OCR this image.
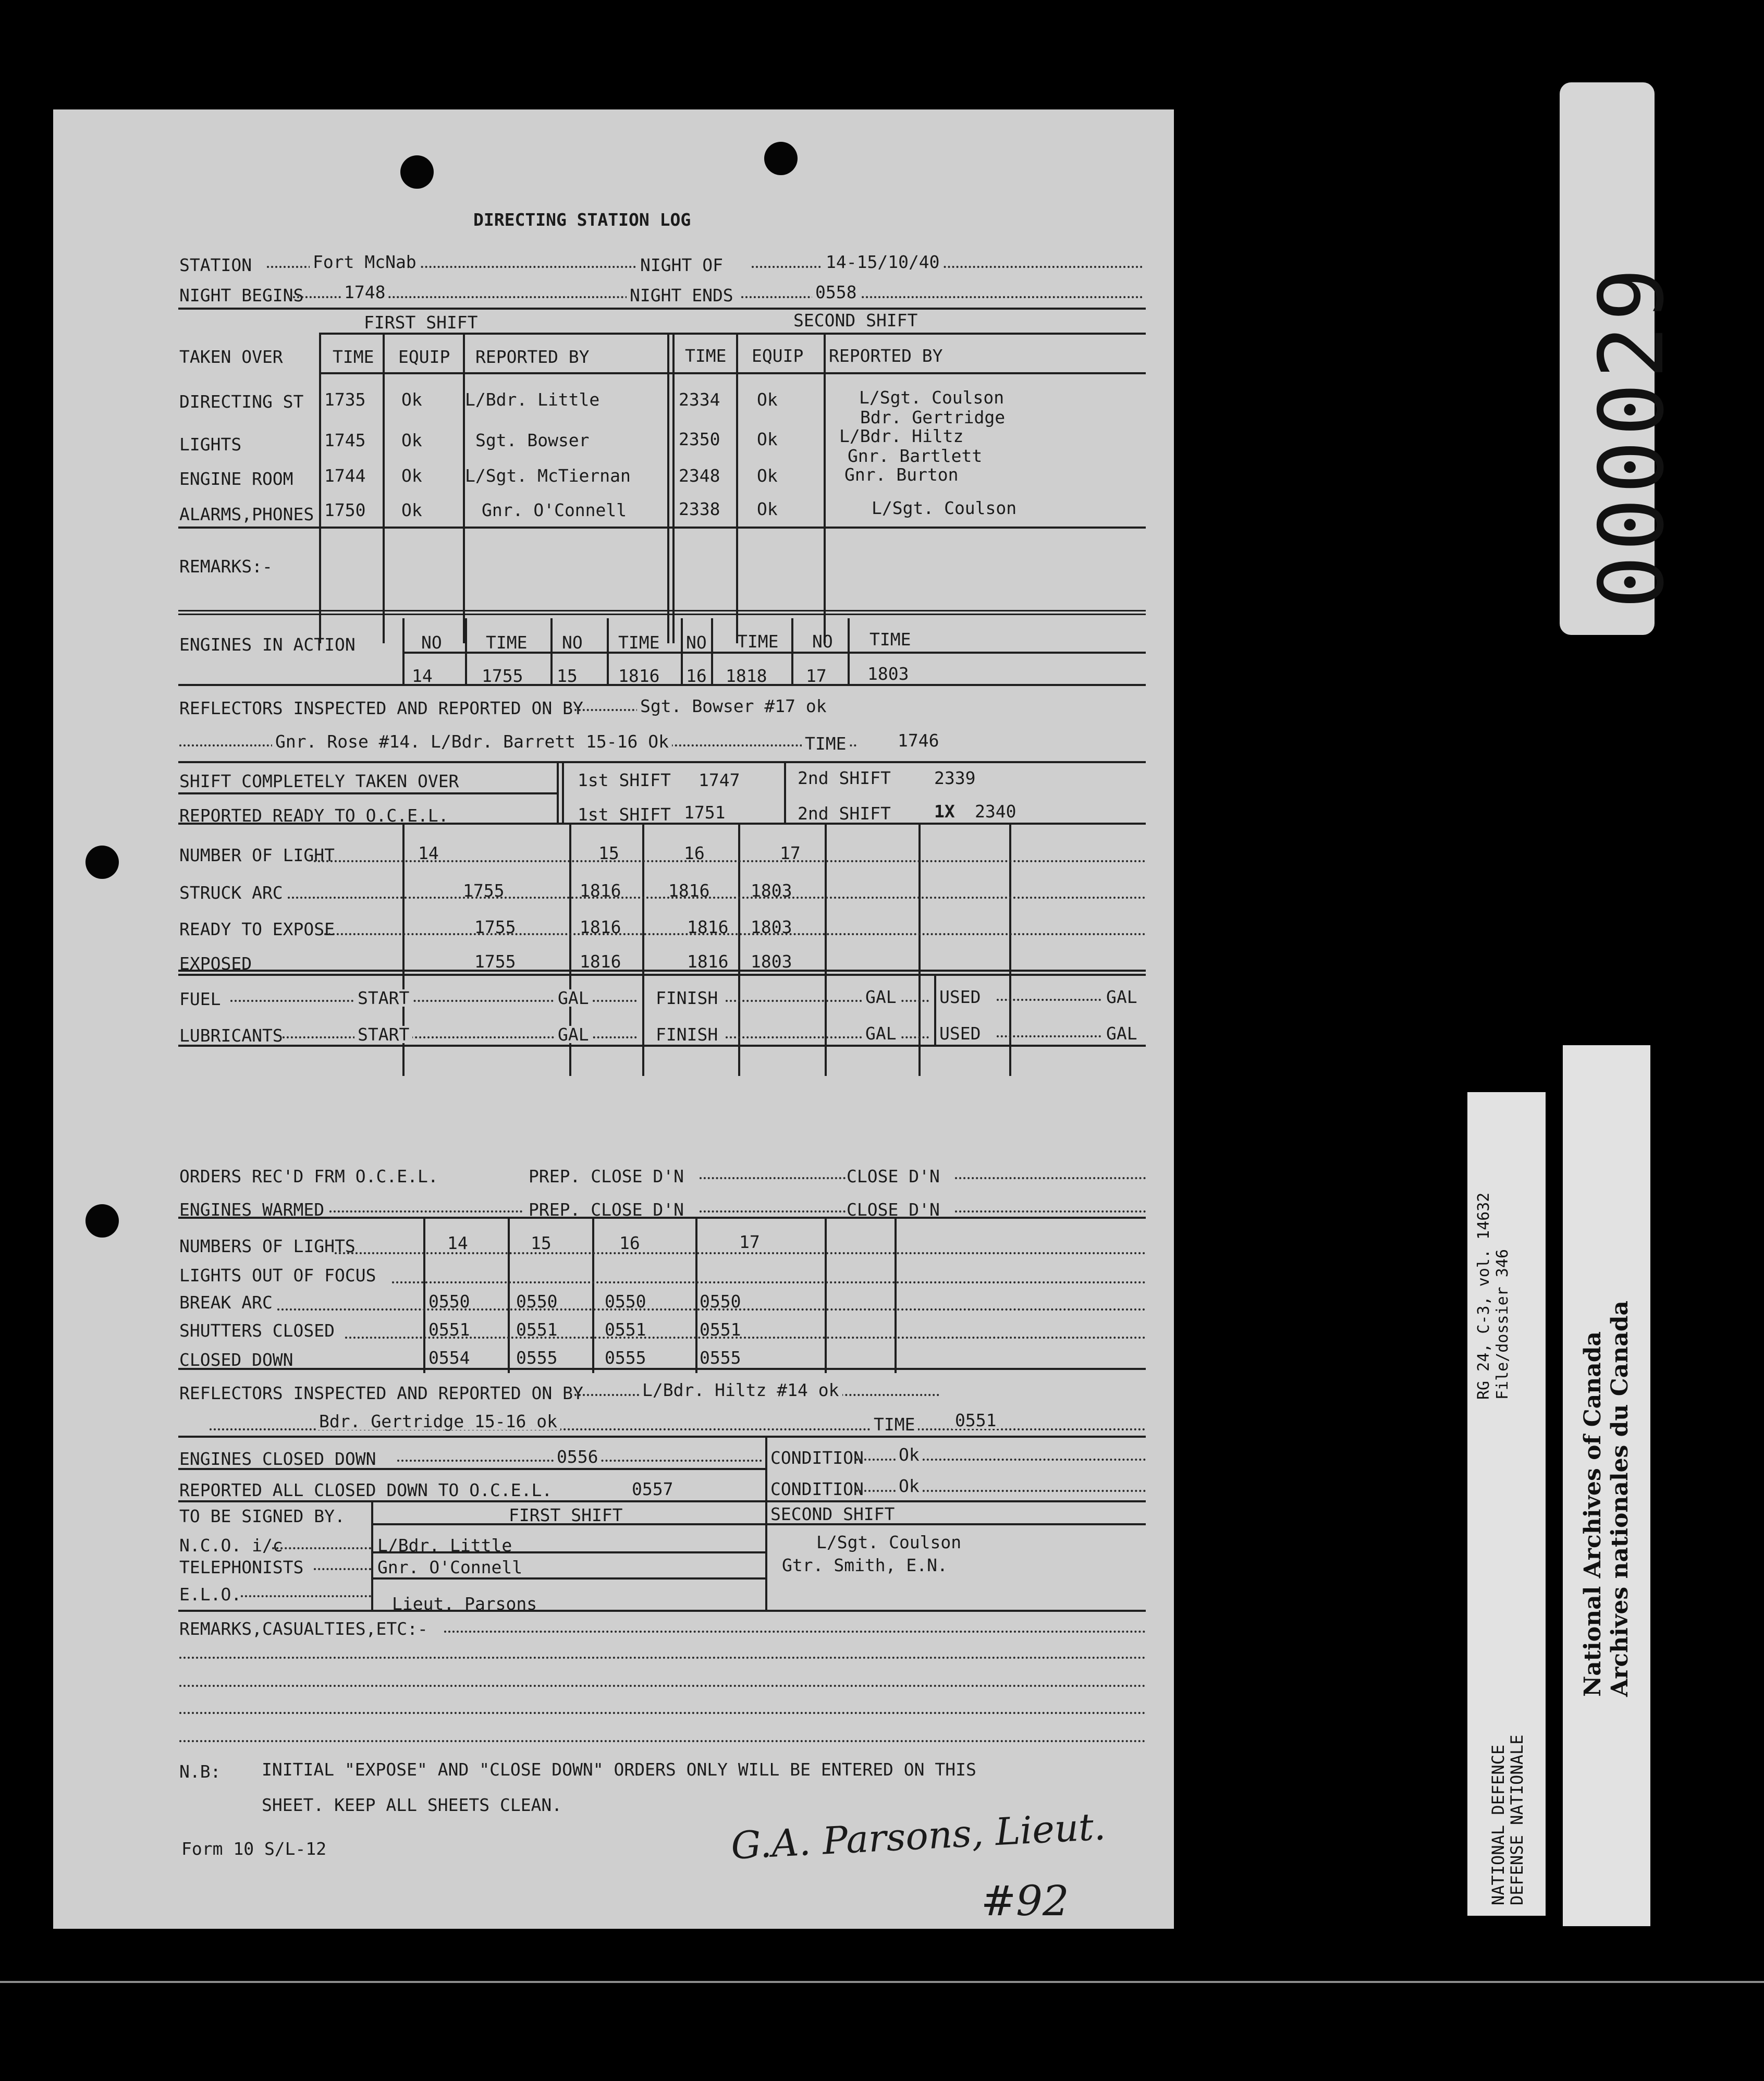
DIRECTING STATION LOG
STATION	Fort McNab	NIGHT OF	14-15/10/40
NIGHT BEGINS 1748	NIGHT ENDS	0558
FIRST SHIFT	SECOND SHIFT
TAKEN OVER	TIME EQUIP REPORTED BY	TIME EQUIP REPORTED BY
DIRECTING ST 1735 Ok L/Bdr. Little	2334 Ok	L/Sgt. Coulson
Bdr. Gertridge
LIGHTS	1745 Ok	Sgt. Bowser	2350 Ok	L/Bdr. Hiltz
Gnr. Bartlett
ENGINE ROOM 1744 Ok L/Sgt. McTiernan	2348 Ok	Gnr. Burton
ALARMS,PHONES 1750 Ok	Gnr. O'Connell	2338 Ok	L/Sgt. Coulson
REMARKS:-
ENGINES IN ACTION	NO	TIME NO TIME NO TIME NO TIME
14	1755 15 1816 16 1818 17 1803
REFLECTORS INSPECTED AND REPORTED ON BY	Sgt. Bowser #17 ok
Gnr. Rose #14. L/Bdr. Barrett 15-16 Ok	TIME	1746
SHIFT COMPLETELY TAKEN OVER	1st SHIFT 1747	2nd SHIFT	2339
REPORTED READY TO O.C.E.L.	1st SHIFT 1751	2nd SHIFT	1X 2340
NUMBER OF LIGHT	14	15	16	17
STRUCK ARC	1755	1816	1816 1803
READY TO EXPOSE	1755	1816	1816 1803
EXPOSED	1755	1816	1816 1803
FUEL	START	GAL	FINISH	GAL USED	GAL
LUBRICANTS	START	GAL	FINISH	GAL USED	GAL
ORDERS REC'D FRM O.C.E.L.	PREP. CLOSE D'N	CLOSE D'N
ENGINES WARMED	PREP. CLOSE D'N	CLOSE D'N
NUMBERS OF LIGHTS	14	15	16	17
LIGHTS OUT OF FOCUS
BREAK ARC	0550	0550	0550	0550
SHUTTERS CLOSED	0551	0551	0551	0551
CLOSED DOWN	0554	0555	0555	0555
REFLECTORS INSPECTED AND REPORTED ON BY	L/Bdr. Hiltz #14 ok
Bdr. Gertridge 15-16 ok	TIME 0551
ENGINES CLOSED DOWN	0556	CONDITION Ok
REPORTED ALL CLOSED DOWN TO O.C.E.L.	0557	CONDITION Ok
TO BE SIGNED BY.	FIRST SHIFT	SECOND SHIFT
N.C.O. i/c	L/Bdr. Little	L/Sgt. Coulson
TELEPHONISTS	Gnr. O'Connell	Gtr. Smith, E.N.
E.L.O.	Lieut. Parsons
REMARKS,CASUALTIES,ETC:-
N.B: INITIAL "EXPOSE" AND "CLOSE DOWN" ORDERS ONLY WILL BE ENTERED ON THIS
SHEET. KEEP ALL SHEETS CLEAN.
Form 10 S/L-12	G.A. Parsons, Lieut.
#92
000029
RG 24, C-3, vol. 14632 File/dossier 346
NATIONAL DEFENCE
DEFENSE NATIONALE
National Archives of Canada Archives nationales du Canada
